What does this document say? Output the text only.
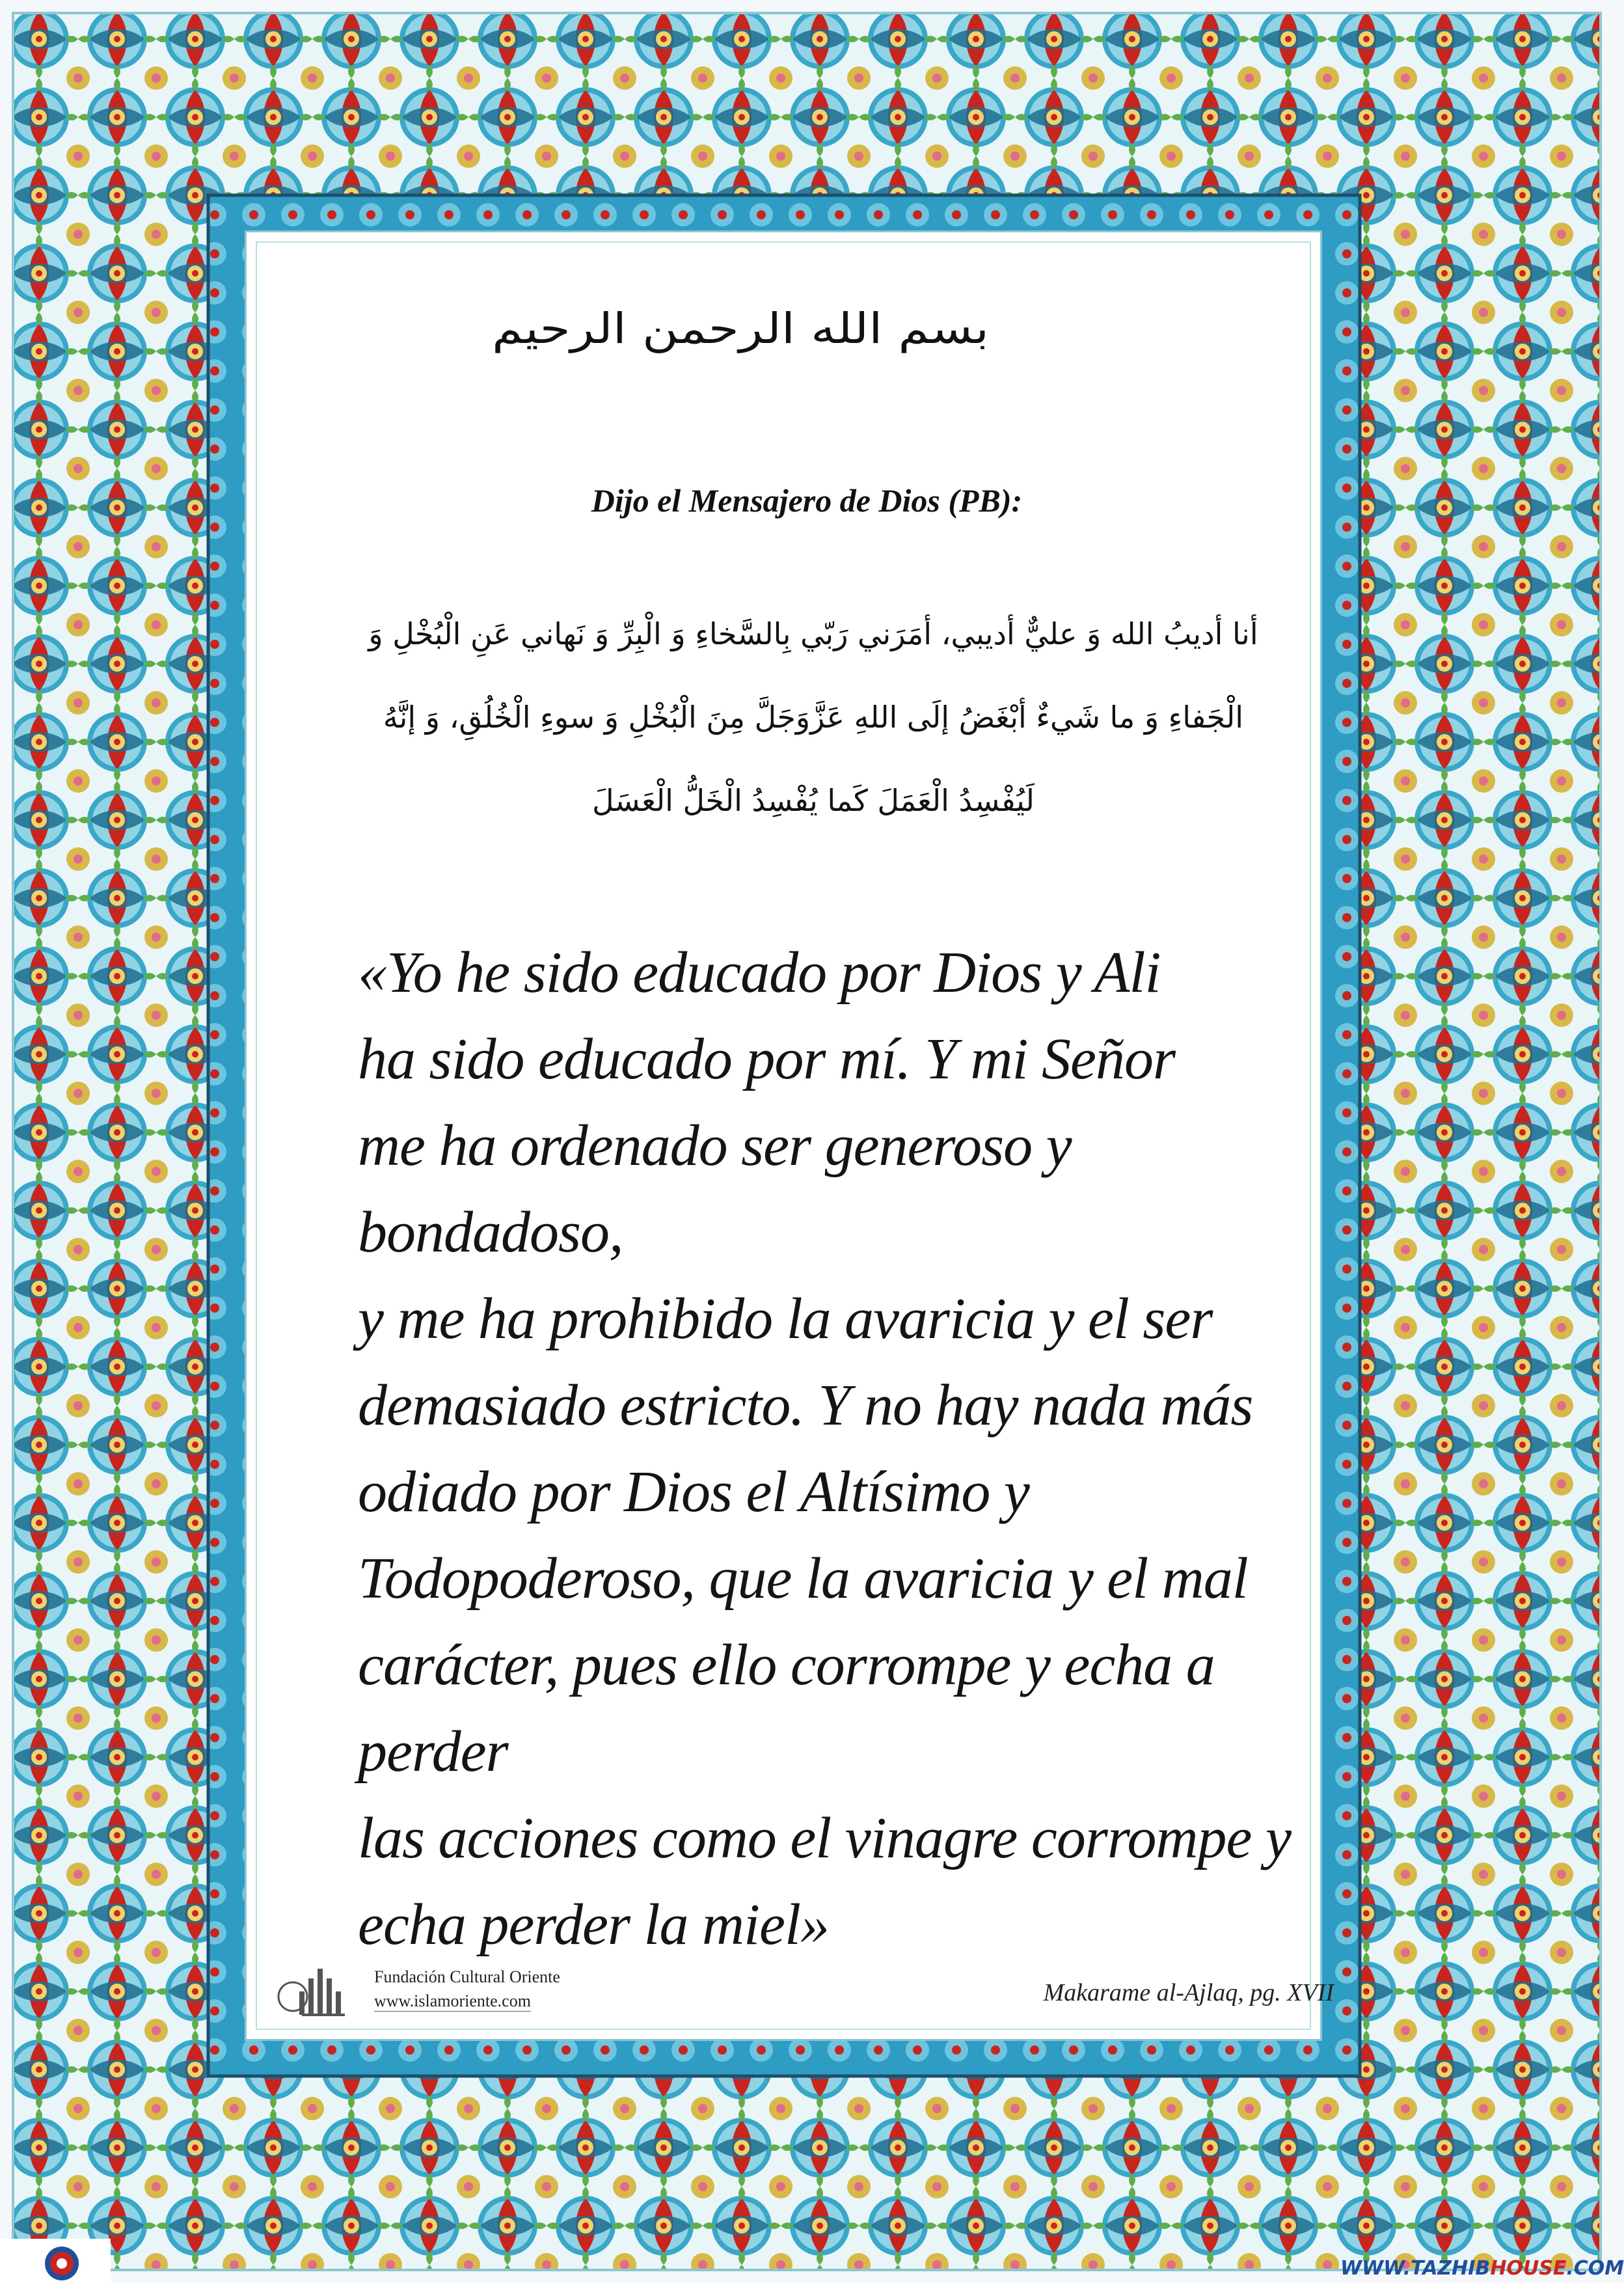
بسم الله الرحمن الرحيم
Dijo el Mensajero de Dios (PB):
أنا أديبُ الله وَ عليٌّ أديبي، أمَرَني رَبّي بِالسَّخاءِ وَ الْبِرِّ وَ نَهاني عَنِ الْبُخْلِ وَ الْجَفاءِ وَ ما شَيءٌ أبْغَضُ إلَى اللهِ عَزَّوَجَلَّ مِنَ الْبُخْلِ وَ سوءِ الْخُلُقِ، وَ إنَّهُ لَيُفْسِدُ الْعَمَلَ كَما يُفْسِدُ الْخَلُّ الْعَسَلَ
«Yo he sido educado por Dios y Ali
ha sido educado por mí. Y mi Señor
me ha ordenado ser generoso y bondadoso,
y me ha prohibido la avaricia y el ser
demasiado estricto. Y no hay nada más
odiado por Dios el Altísimo y
Todopoderoso, que la avaricia y el mal
carácter, pues ello corrompe y echa a perder
las acciones como el vinagre corrompe y
echa perder la miel»
Fundación Cultural Oriente
www.islamoriente.com	Makarame al-Ajlaq, pg. XVII
WWW.TAZHIBHOUSE.COM
